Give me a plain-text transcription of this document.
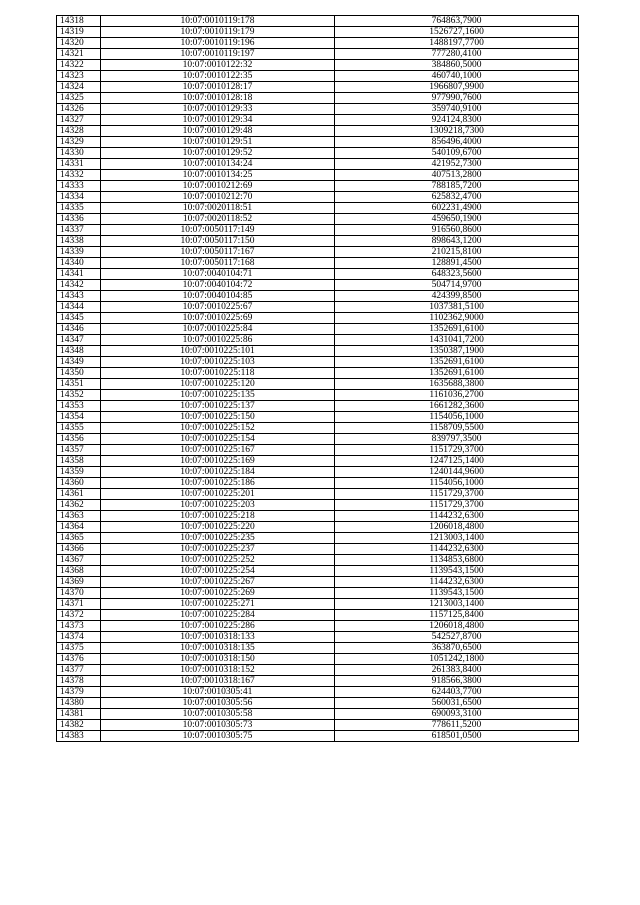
14318	10:07:0010119:178	764863,7900
14319	10:07:0010119:179	1526727,1600
14320	10:07:0010119:196	1488197,7700
14321	10:07:0010119:197	777280,4100
14322	10:07:0010122:32	384860,5000
14323	10:07:0010122:35	460740,1000
14324	10:07:0010128:17	1966807,9900
14325	10:07:0010128:18	977990,7600
14326	10:07:0010129:33	359740,9100
14327	10:07:0010129:34	924124,8300
14328	10:07:0010129:48	1309218,7300
14329	10:07:0010129:51	856496,4000
14330	10:07:0010129:52	540109,6700
14331	10:07:0010134:24	421952,7300
14332	10:07:0010134:25	407513,2800
14333	10:07:0010212:69	788185,7200
14334	10:07:0010212:70	625832,4700
14335	10:07:0020118:51	602231,4900
14336	10:07:0020118:52	459650,1900
14337	10:07:0050117:149	916560,8600
14338	10:07:0050117:150	898643,1200
14339	10:07:0050117:167	210215,8100
14340	10:07:0050117:168	128891,4500
14341	10:07:0040104:71	648323,5600
14342	10:07:0040104:72	504714,9700
14343	10:07:0040104:85	424399,8500
14344	10:07:0010225:67	1037381,5100
14345	10:07:0010225:69	1102362,9000
14346	10:07:0010225:84	1352691,6100
14347	10:07:0010225:86	1431041,7200
14348	10:07:0010225:101	1350387,1900
14349	10:07:0010225:103	1352691,6100
14350	10:07:0010225:118	1352691,6100
14351	10:07:0010225:120	1635688,3800
14352	10:07:0010225:135	1161036,2700
14353	10:07:0010225:137	1661282,3600
14354	10:07:0010225:150	1154056,1000
14355	10:07:0010225:152	1158709,5500
14356	10:07:0010225:154	839797,3500
14357	10:07:0010225:167	1151729,3700
14358	10:07:0010225:169	1247125,1400
14359	10:07:0010225:184	1240144,9600
14360	10:07:0010225:186	1154056,1000
14361	10:07:0010225:201	1151729,3700
14362	10:07:0010225:203	1151729,3700
14363	10:07:0010225:218	1144232,6300
14364	10:07:0010225:220	1206018,4800
14365	10:07:0010225:235	1213003,1400
14366	10:07:0010225:237	1144232,6300
14367	10:07:0010225:252	1134853,6800
14368	10:07:0010225:254	1139543,1500
14369	10:07:0010225:267	1144232,6300
14370	10:07:0010225:269	1139543,1500
14371	10:07:0010225:271	1213003,1400
14372	10:07:0010225:284	1157125,8400
14373	10:07:0010225:286	1206018,4800
14374	10:07:0010318:133	542527,8700
14375	10:07:0010318:135	363870,6500
14376	10:07:0010318:150	1051242,1800
14377	10:07:0010318:152	261383,8400
14378	10:07:0010318:167	918566,3800
14379	10:07:0010305:41	624403,7700
14380	10:07:0010305:56	560031,6500
14381	10:07:0010305:58	690093,3100
14382	10:07:0010305:73	778611,5200
14383	10:07:0010305:75	618501,0500
